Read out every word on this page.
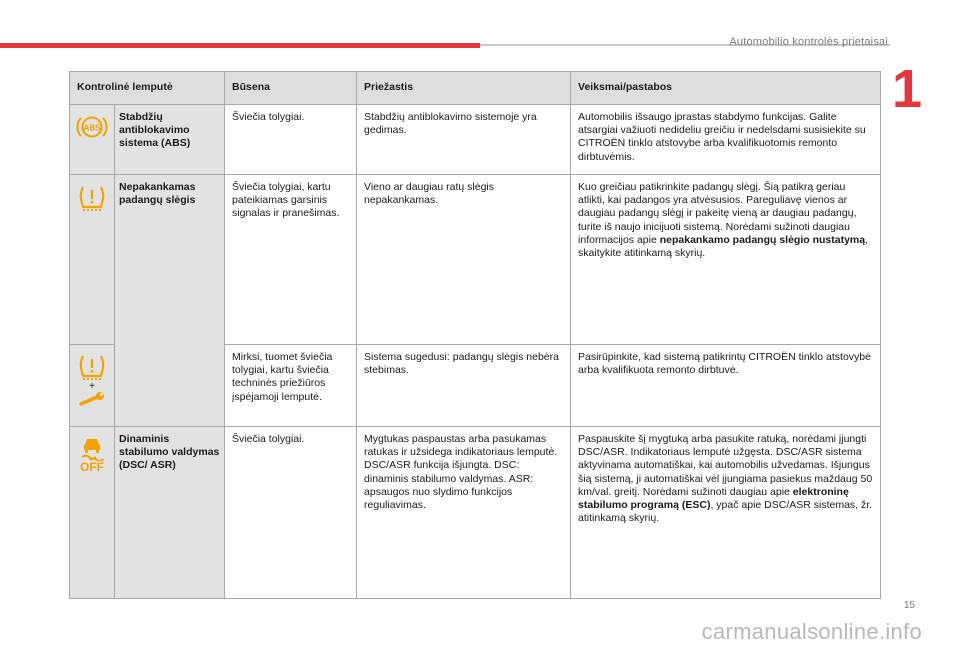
Automobilio kontrolės prietaisai
1
Kontrolinė lemputė		Būsena	Priežastis	Veiksmai/pastabos

ABS	Stabdžių antiblokavimo sistema (ABS)	Šviečia tolygiai.	Stabdžių antiblokavimo sistemoje yra gedimas.	Automobilis išsaugo įprastas stabdymo funkcijas. Galite atsargiai važiuoti nedideliu greičiu ir nedelsdami susisiekite su CITROËN tinklo atstovybe arba kvalifikuotomis remonto dirbtuvėmis.

	Nepakankamas padangų slėgis	Šviečia tolygiai, kartu pateikiamas garsinis signalas ir pranešimas.	Vieno ar daugiau ratų slėgis nepakankamas.	Kuo greičiau patikrinkite padangų slėgį. Šią patikrą geriau atlikti, kai padangos yra atvėsusios. Pareguliavę vienos ar daugiau padangų slėgį ir pakeitę vieną ar daugiau padangų, turite iš naujo inicijuoti sistemą. Norėdami sužinoti daugiau informacijos apie nepakankamo padangų slėgio nustatymą, skaitykite atitinkamą skyrių.

+		Mirksi, tuomet šviečia tolygiai, kartu šviečia techninės priežiūros įspėjamoji lemputė.	Sistema sugedusi: padangų slėgis nebėra stebimas.	Pasirūpinkite, kad sistemą patikrintų CITROËN tinklo atstovybė arba kvalifikuota remonto dirbtuvė.

OFF	Dinaminis stabilumo valdymas (DSC/ ASR)	Šviečia tolygiai.	Mygtukas paspaustas arba pasukamas ratukas ir užsidega indikatoriaus lemputė. DSC/ASR funkcija išjungta. DSC: dinaminis stabilumo valdymas. ASR: apsaugos nuo slydimo funkcijos reguliavimas.	Paspauskite šį mygtuką arba pasukite ratuką, norėdami įjungti DSC/ASR. Indikatoriaus lemputė užgęsta. DSC/ASR sistema aktyvinama automatiškai, kai automobilis užvedamas. Išjungus šią sistemą, ji automatiškai vėl įjungiama pasiekus maždaug 50 km/val. greitį. Norėdami sužinoti daugiau apie elektroninę stabilumo programą (ESC), ypač apie DSC/ASR sistemas, žr. atitinkamą skyrių.
15
carmanualsonline.info
